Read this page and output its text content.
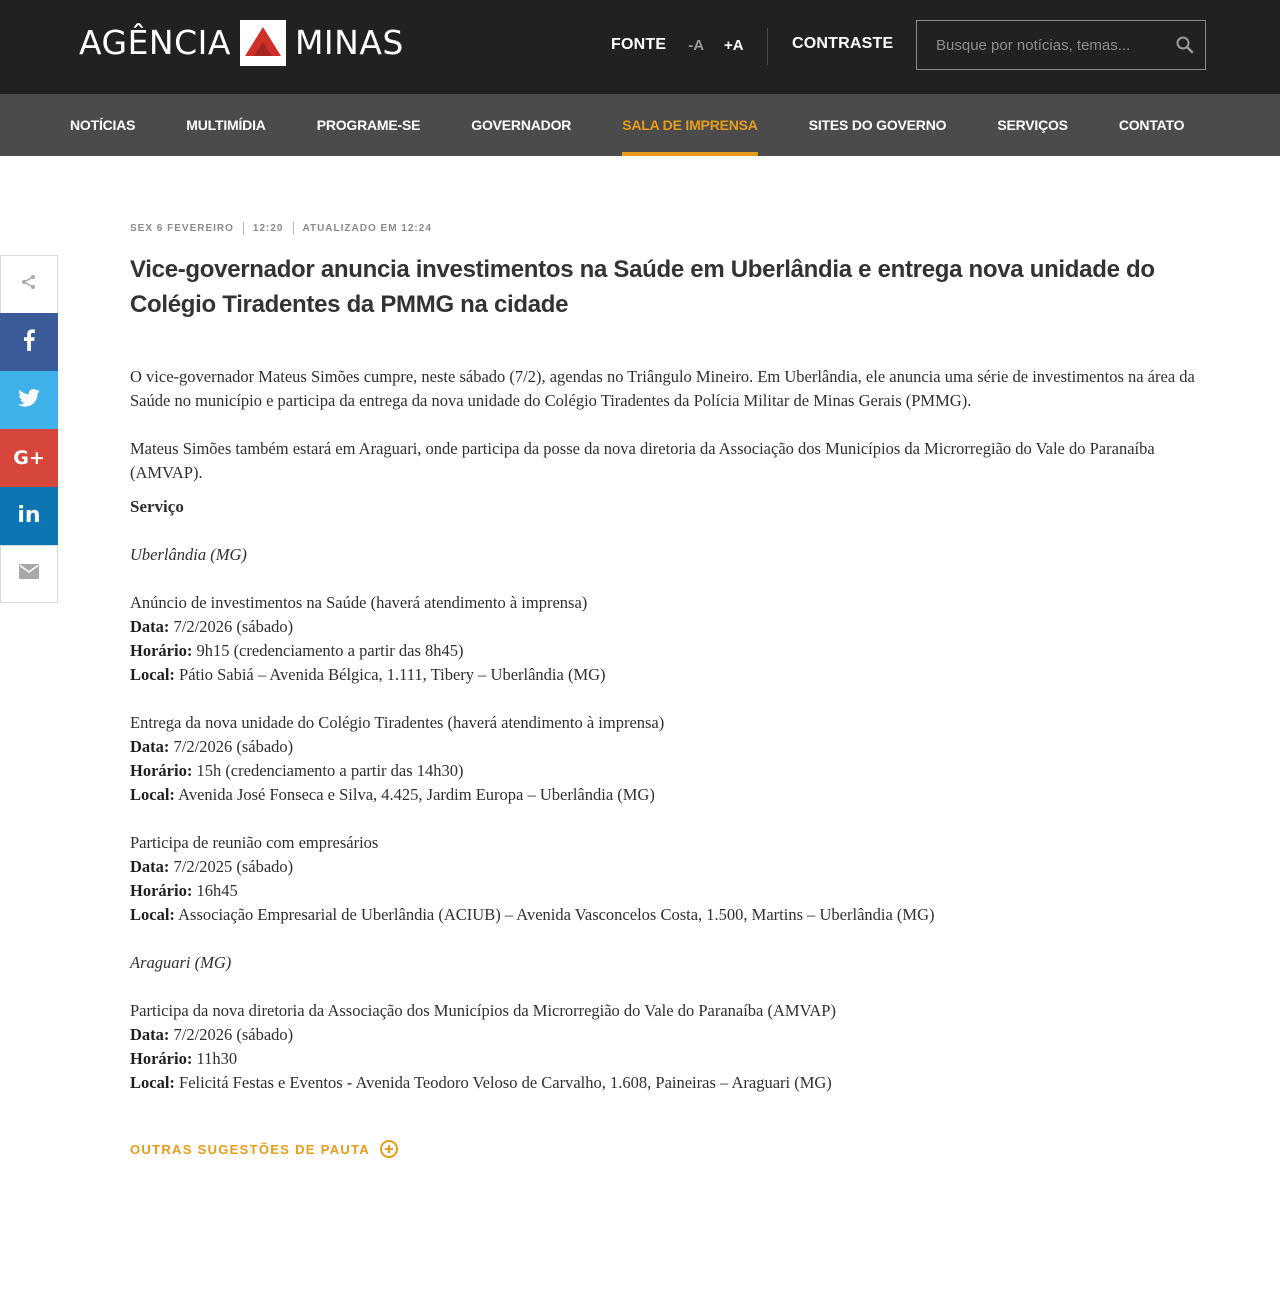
AGÊNCIA MINAS	FONTE -A +A	CONTRASTE
Busque por notícias, temas...
NOTÍCIAS	MULTIMÍDIA	PROGRAME-SE	GOVERNADOR	SALA DE IMPRENSA	SITES DO GOVERNO	SERVIÇOS	CONTATO
G+
in
SEX 6 FEVEREIRO 12:20 ATUALIZADO EM 12:24
Vice-governador anuncia investimentos na Saúde em Uberlândia e entrega nova unidade do Colégio Tiradentes da PMMG na cidade

O vice-governador Mateus Simões cumpre, neste sábado (7/2), agendas no Triângulo Mineiro. Em Uberlândia, ele anuncia uma série de investimentos na área da Saúde no município e participa da entrega da nova unidade do Colégio Tiradentes da Polícia Militar de Minas Gerais (PMMG).

Mateus Simões também estará em Araguari, onde participa da posse da nova diretoria da Associação dos Municípios da Microrregião do Vale do Paranaíba (AMVAP).

Serviço

Uberlândia (MG)

Anúncio de investimentos na Saúde (haverá atendimento à imprensa)

Data: 7/2/2026 (sábado)

Horário: 9h15 (credenciamento a partir das 8h45)

Local: Pátio Sabiá – Avenida Bélgica, 1.111, Tibery – Uberlândia (MG)

Entrega da nova unidade do Colégio Tiradentes (haverá atendimento à imprensa)

Data: 7/2/2026 (sábado)

Horário: 15h (credenciamento a partir das 14h30)

Local: Avenida José Fonseca e Silva, 4.425, Jardim Europa – Uberlândia (MG)

Participa de reunião com empresários

Data: 7/2/2025 (sábado)

Horário: 16h45

Local: Associação Empresarial de Uberlândia (ACIUB) – Avenida Vasconcelos Costa, 1.500, Martins – Uberlândia (MG)

Araguari (MG)

Participa da nova diretoria da Associação dos Municípios da Microrregião do Vale do Paranaíba (AMVAP)

Data: 7/2/2026 (sábado)

Horário: 11h30

Local: Felicitá Festas e Eventos - Avenida Teodoro Veloso de Carvalho, 1.608, Paineiras – Araguari (MG)

OUTRAS SUGESTÕES DE PAUTA
